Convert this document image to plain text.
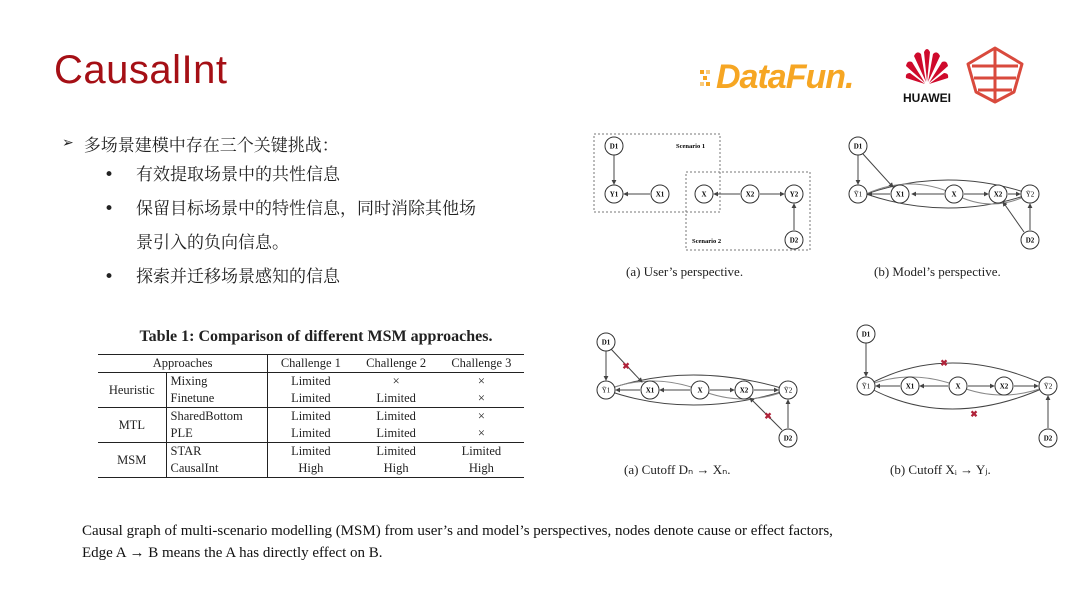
CausalInt	DataFun.
HUAWEI
➢ 多场景建模中存在三个关键挑战：
• 有效提取场景中的共性信息
• 保留目标场景中的特性信息，同时消除其他场
景引入的负向信息。
• 探索并迁移场景感知的信息
Table 1: Comparison of different MSM approaches.
Approaches		Challenge 1	Challenge 2	Challenge 3
Heuristic	Mixing	Limited	×	×
	Finetune	Limited	Limited	×
MTL	SharedBottom	Limited	Limited	×
	PLE	Limited	Limited	×
MSM	STAR	Limited	Limited	Limited
	CausalInt	High	High	High
Scenario 1
Scenario 2
D1
Y1	X1	X	X2	Y2
D2
D1
Ỹ1	X1	X	X2	Ỹ2
D2
✖
✖
D1
Ỹ1	X1	X	X2	Ỹ2
D2
✖
✖
D1
Ỹ1	X1	X	X2	Ỹ2
D2
(a) User’s perspective.	(b) Model’s perspective.
(a) Cutoff Dₙ → Xₙ.	(b) Cutoff Xᵢ → Yⱼ.
Causal graph of multi-scenario modelling (MSM) from user’s and model’s perspectives, nodes denote cause or effect factors,
Edge A → B means the A has directly effect on B.
